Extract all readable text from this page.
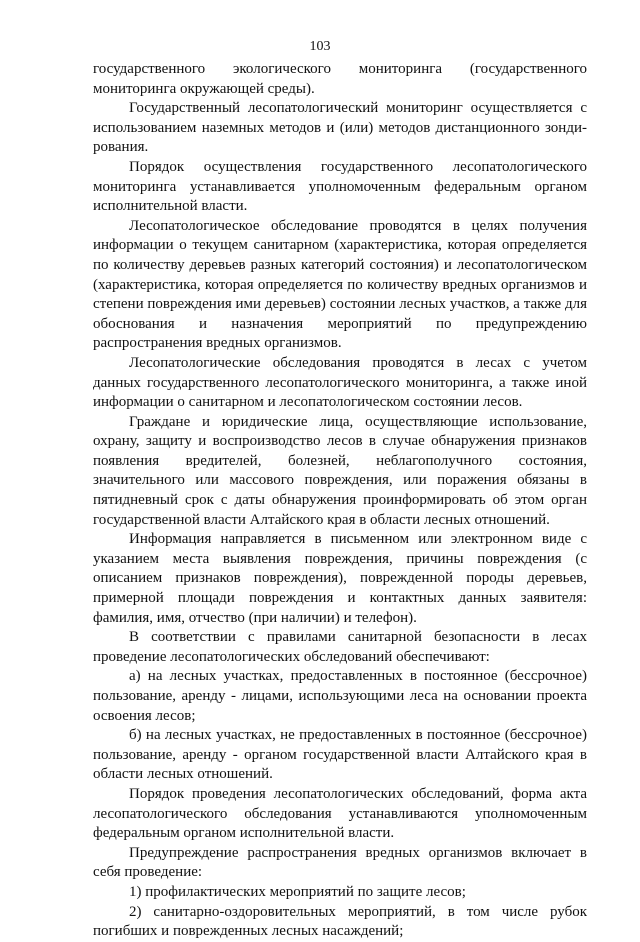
103

государственного экологического мониторинга (государственного мониторинга окружающей среды).

Государственный лесопатологический мониторинг осуществляется с использованием наземных методов и (или) методов дистанционного зондирования.

Порядок осуществления государственного лесопатологического мониторинга устанавливается уполномоченным федеральным органом исполнительной власти.

Лесопатологическое обследование проводятся в целях получения информации о текущем санитарном (характеристика, которая определяется по количеству деревьев разных категорий состояния) и лесопатологическом (характеристика, которая определяется по количеству вредных организмов и степени повреждения ими деревьев) состоянии лесных участков, а также для обоснования и назначения мероприятий по предупреждению распространения вредных организмов.

Лесопатологические обследования проводятся в лесах с учетом данных государственного лесопатологического мониторинга, а также иной информации о санитарном и лесопатологическом состоянии лесов.

Граждане и юридические лица, осуществляющие использование, охрану, защиту и воспроизводство лесов в случае обнаружения признаков появления вредителей, болезней, неблагополучного состояния, значительного или массового повреждения, или поражения обязаны в пятидневный срок с даты обнаружения проинформировать об этом орган государственной власти Алтайского края в области лесных отношений.

Информация направляется в письменном или электронном виде с указанием места выявления повреждения, причины повреждения (с описанием признаков повреждения), поврежденной породы деревьев, примерной площади повреждения и контактных данных заявителя: фамилия, имя, отчество (при наличии) и телефон).

В соответствии с правилами санитарной безопасности в лесах проведение лесопатологических обследований обеспечивают:

а) на лесных участках, предоставленных в постоянное (бессрочное) пользование, аренду - лицами, использующими леса на основании проекта освоения лесов;

б) на лесных участках, не предоставленных в постоянное (бессрочное) пользование, аренду - органом государственной власти Алтайского края в области лесных отношений.

Порядок проведения лесопатологических обследований, форма акта лесопатологического обследования устанавливаются уполномоченным федеральным органом исполнительной власти.

Предупреждение распространения вредных организмов включает в себя проведение:

1) профилактических мероприятий по защите лесов;

2) санитарно-оздоровительных мероприятий, в том числе рубок погибших и поврежденных лесных насаждений;
